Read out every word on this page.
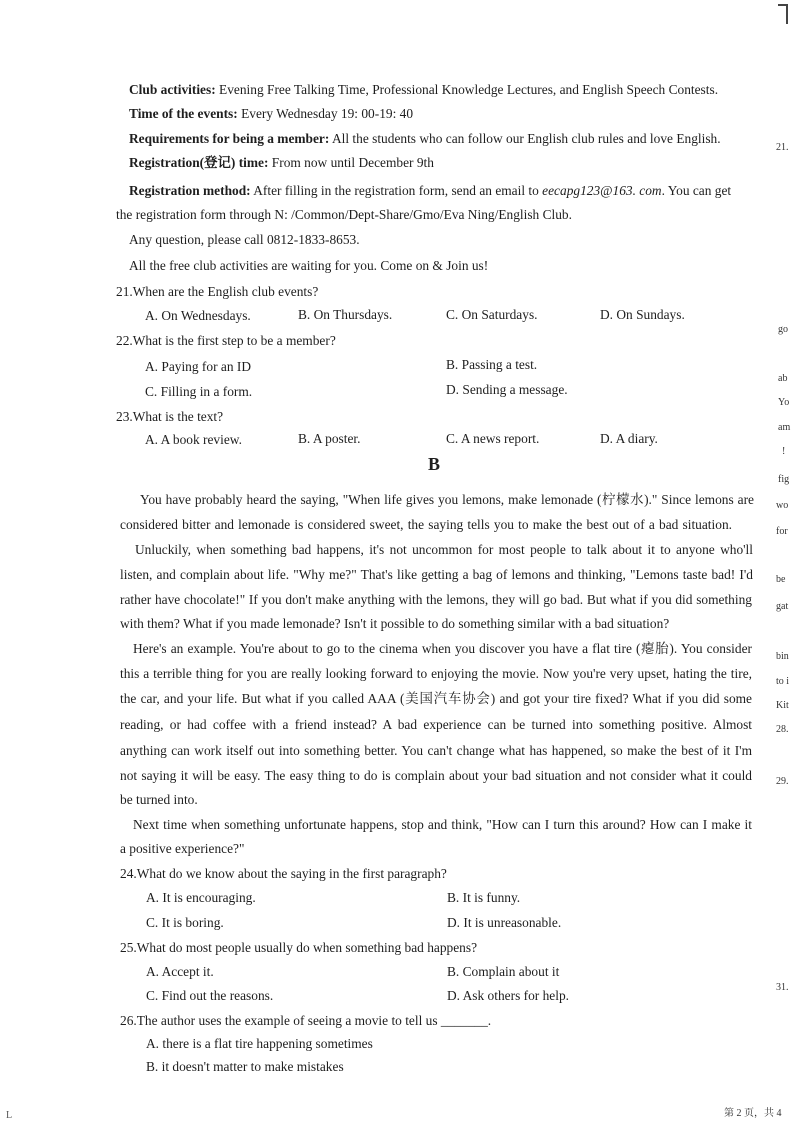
Club activities: Evening Free Talking Time, Professional Knowledge Lectures, and English Speech Contests.
Time of the events: Every Wednesday 19: 00-19: 40
Requirements for being a member: All the students who can follow our English club rules and love English.
Registration(登记) time: From now until December 9th
Registration method: After filling in the registration form, send an email to eecapg123@163. com. You can get
the registration form through N: /Common/Dept-Share/Gmo/Eva Ning/English Club.
Any question, please call 0812-1833-8653.
All the free club activities are waiting for you. Come on & Join us!
21.When are the English club events?
A. On Wednesdays.	B. On Thursdays.	C. On Saturdays.	D. On Sundays.
22.What is the first step to be a member?
A. Paying for an ID	B. Passing a test.
C. Filling in a form.	D. Sending a message.
23.What is the text?
A. A book review.	B. A poster.	C. A news report.	D. A diary.
B
You have probably heard the saying, "When life gives you lemons, make lemonade (柠檬水)." Since lemons are
considered bitter and lemonade is considered sweet, the saying tells you to make the best out of a bad situation.
Unluckily, when something bad happens, it's not uncommon for most people to talk about it to anyone who'll
listen, and complain about life. "Why me?" That's like getting a bag of lemons and thinking, "Lemons taste bad! I'd
rather have chocolate!" If you don't make anything with the lemons, they will go bad. But what if you did something
with them? What if you made lemonade? Isn't it possible to do something similar with a bad situation?
Here's an example. You're about to go to the cinema when you discover you have a flat tire (瘪胎). You consider
this a terrible thing for you are really looking forward to enjoying the movie. Now you're very upset, hating the tire,
the car, and your life. But what if you called AAA (美国汽车协会) and got your tire fixed? What if you did some
reading, or had coffee with a friend instead? A bad experience can be turned into something positive. Almost
anything can work itself out into something better. You can't change what has happened, so make the best of it I'm
not saying it will be easy. The easy thing to do is complain about your bad situation and not consider what it could
be turned into.
Next time when something unfortunate happens, stop and think, "How can I turn this around? How can I make it
a positive experience?"
24.What do we know about the saying in the first paragraph?
A. It is encouraging.	B. It is funny.
C. It is boring.	D. It is unreasonable.
25.What do most people usually do when something bad happens?
A. Accept it.	B. Complain about it
C. Find out the reasons.	D. Ask others for help.
26.The author uses the example of seeing a movie to tell us _______.
A. there is a flat tire happening sometimes
B. it doesn't matter to make mistakes
21.
go
ab
Yo
am
!
fig
wo
for
be
gat
bin
to i
Kit
28.
29.
31.
第 2 页，共 4
L
